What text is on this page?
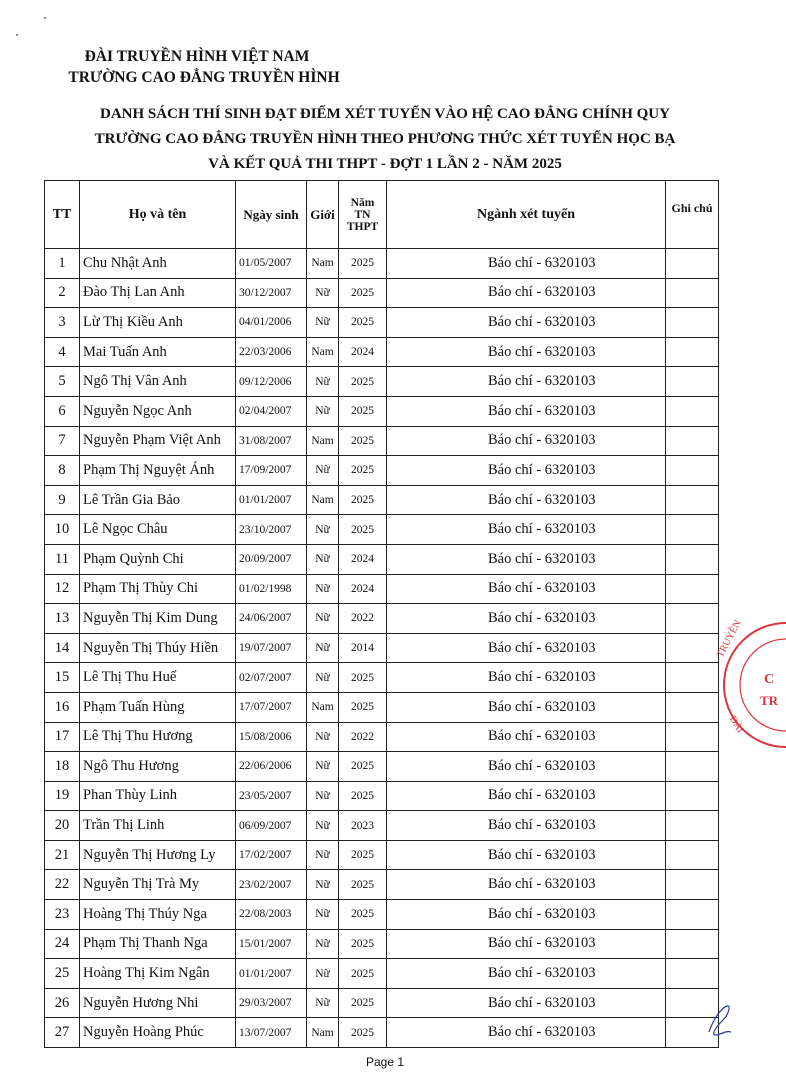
ĐÀI TRUYỀN HÌNH VIỆT NAM
TRƯỜNG CAO ĐẲNG TRUYỀN HÌNH
DANH SÁCH THÍ SINH ĐẠT ĐIỂM XÉT TUYỂN VÀO HỆ CAO ĐẲNG CHÍNH QUY
TRƯỜNG CAO ĐẲNG TRUYỀN HÌNH THEO PHƯƠNG THỨC XÉT TUYỂN HỌC BẠ
VÀ KẾT QUẢ THI THPT - ĐỢT 1 LẦN 2 - NĂM 2025
TT	Họ và tên	Ngày sinh	Giới	Năm
TN
THPT	Ngành xét tuyển	Ghi chú
1	Chu Nhật Anh	01/05/2007	Nam	2025	Báo chí - 6320103	
2	Đào Thị Lan Anh	30/12/2007	Nữ	2025	Báo chí - 6320103	
3	Lừ Thị Kiều Anh	04/01/2006	Nữ	2025	Báo chí - 6320103	
4	Mai Tuấn Anh	22/03/2006	Nam	2024	Báo chí - 6320103	
5	Ngô Thị Vân Anh	09/12/2006	Nữ	2025	Báo chí - 6320103	
6	Nguyễn Ngọc Anh	02/04/2007	Nữ	2025	Báo chí - 6320103	
7	Nguyễn Phạm Việt Anh	31/08/2007	Nam	2025	Báo chí - 6320103	
8	Phạm Thị Nguyệt Ánh	17/09/2007	Nữ	2025	Báo chí - 6320103	
9	Lê Trần Gia Bảo	01/01/2007	Nam	2025	Báo chí - 6320103	
10	Lê Ngọc Châu	23/10/2007	Nữ	2025	Báo chí - 6320103	
11	Phạm Quỳnh Chi	20/09/2007	Nữ	2024	Báo chí - 6320103	
12	Phạm Thị Thùy Chi	01/02/1998	Nữ	2024	Báo chí - 6320103	
13	Nguyễn Thị Kim Dung	24/06/2007	Nữ	2022	Báo chí - 6320103	
14	Nguyễn Thị Thúy Hiền	19/07/2007	Nữ	2014	Báo chí - 6320103	
15	Lê Thị Thu Huế	02/07/2007	Nữ	2025	Báo chí - 6320103	
16	Phạm Tuấn Hùng	17/07/2007	Nam	2025	Báo chí - 6320103	
17	Lê Thị Thu Hương	15/08/2006	Nữ	2022	Báo chí - 6320103	
18	Ngô Thu Hương	22/06/2006	Nữ	2025	Báo chí - 6320103	
19	Phan Thùy Linh	23/05/2007	Nữ	2025	Báo chí - 6320103	
20	Trần Thị Linh	06/09/2007	Nữ	2023	Báo chí - 6320103	
21	Nguyễn Thị Hương Ly	17/02/2007	Nữ	2025	Báo chí - 6320103	
22	Nguyễn Thị Trà My	23/02/2007	Nữ	2025	Báo chí - 6320103	
23	Hoàng Thị Thúy Nga	22/08/2003	Nữ	2025	Báo chí - 6320103	
24	Phạm Thị Thanh Nga	15/01/2007	Nữ	2025	Báo chí - 6320103	
25	Hoàng Thị Kim Ngân	01/01/2007	Nữ	2025	Báo chí - 6320103	
26	Nguyễn Hương Nhi	29/03/2007	Nữ	2025	Báo chí - 6320103	
27	Nguyễn Hoàng Phúc	13/07/2007	Nam	2025	Báo chí - 6320103	
TRUYỀN
C
TR
ĐÀI
Page 1
